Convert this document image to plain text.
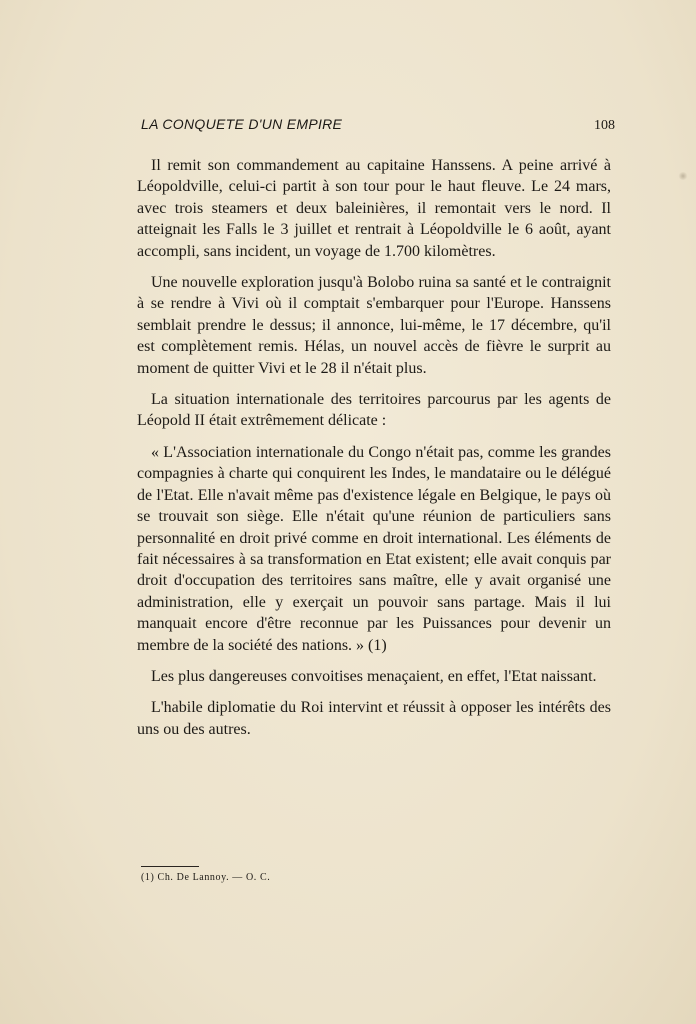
LA CONQUETE D'UN EMPIRE	108

Il remit son commandement au capitaine Hanssens. A peine arrivé à Léopoldville, celui-ci partit à son tour pour le haut fleuve. Le 24 mars, avec trois steamers et deux baleinières, il remontait vers le nord. Il atteignait les Falls le 3 juillet et rentrait à Léopoldville le 6 août, ayant accompli, sans incident, un voyage de 1.700 kilomètres.

Une nouvelle exploration jusqu'à Bolobo ruina sa santé et le contraignit à se rendre à Vivi où il comptait s'embarquer pour l'Europe. Hanssens semblait prendre le dessus; il annonce, lui-même, le 17 décembre, qu'il est complètement remis. Hélas, un nouvel accès de fièvre le surprit au moment de quitter Vivi et le 28 il n'était plus.

La situation internationale des territoires parcourus par les agents de Léopold II était extrêmement délicate :

« L'Association internationale du Congo n'était pas, comme les grandes compagnies à charte qui conquirent les Indes, le mandataire ou le délégué de l'Etat. Elle n'avait même pas d'existence légale en Belgique, le pays où se trouvait son siège. Elle n'était qu'une réunion de particuliers sans personnalité en droit privé comme en droit international. Les éléments de fait nécessaires à sa transformation en Etat existent; elle avait conquis par droit d'occupation des territoires sans maître, elle y avait organisé une administration, elle y exerçait un pouvoir sans partage. Mais il lui manquait encore d'être reconnue par les Puissances pour devenir un membre de la société des nations. » (1)

Les plus dangereuses convoitises menaçaient, en effet, l'Etat naissant.

L'habile diplomatie du Roi intervint et réussit à opposer les intérêts des uns ou des autres.

(1) Ch. De Lannoy. — O. C.
